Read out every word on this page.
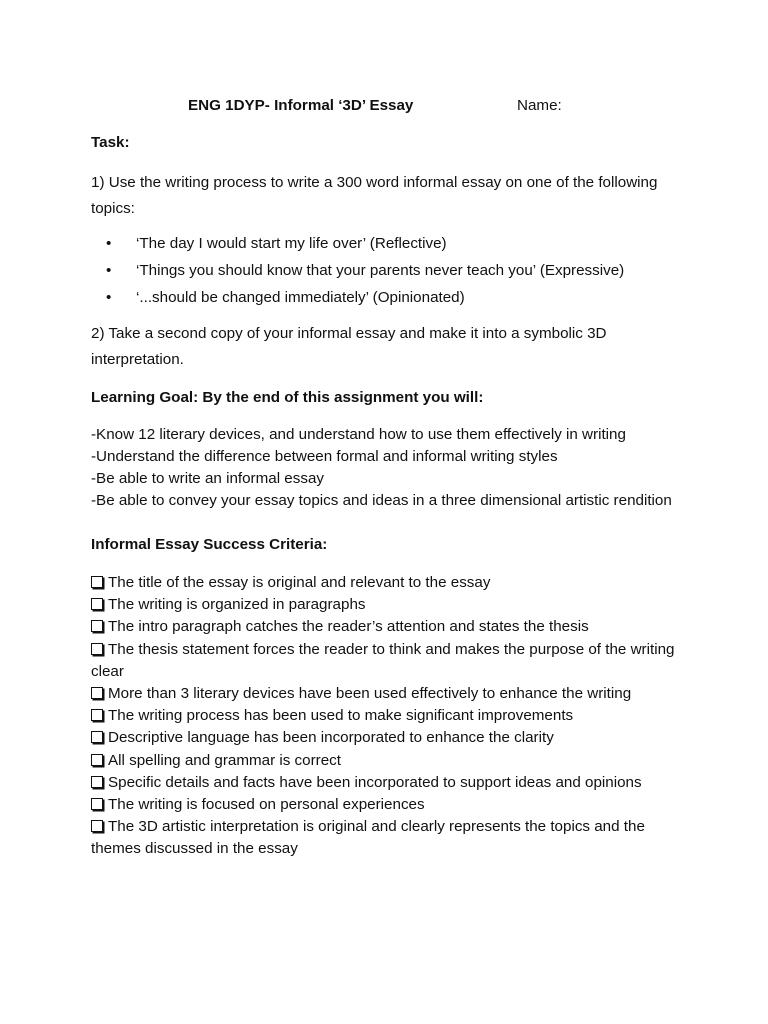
ENG 1DYP- Informal ‘3D’ Essay	Name:

Task:

1) Use the writing process to write a 300 word informal essay on one of the following topics:

• ‘The day I would start my life over’ (Reflective)
• ‘Things you should know that your parents never teach you’ (Expressive)
• ‘...should be changed immediately’ (Opinionated)

2) Take a second copy of your informal essay and make it into a symbolic 3D interpretation.

Learning Goal: By the end of this assignment you will:

-Know 12 literary devices, and understand how to use them effectively in writing
-Understand the difference between formal and informal writing styles
-Be able to write an informal essay
-Be able to convey your essay topics and ideas in a three dimensional artistic rendition

Informal Essay Success Criteria:

The title of the essay is original and relevant to the essay
The writing is organized in paragraphs
The intro paragraph catches the reader’s attention and states the thesis
The thesis statement forces the reader to think and makes the purpose of the writing clear
More than 3 literary devices have been used effectively to enhance the writing
The writing process has been used to make significant improvements
Descriptive language has been incorporated to enhance the clarity
All spelling and grammar is correct
Specific details and facts have been incorporated to support ideas and opinions
The writing is focused on personal experiences
The 3D artistic interpretation is original and clearly represents the topics and the themes discussed in the essay
